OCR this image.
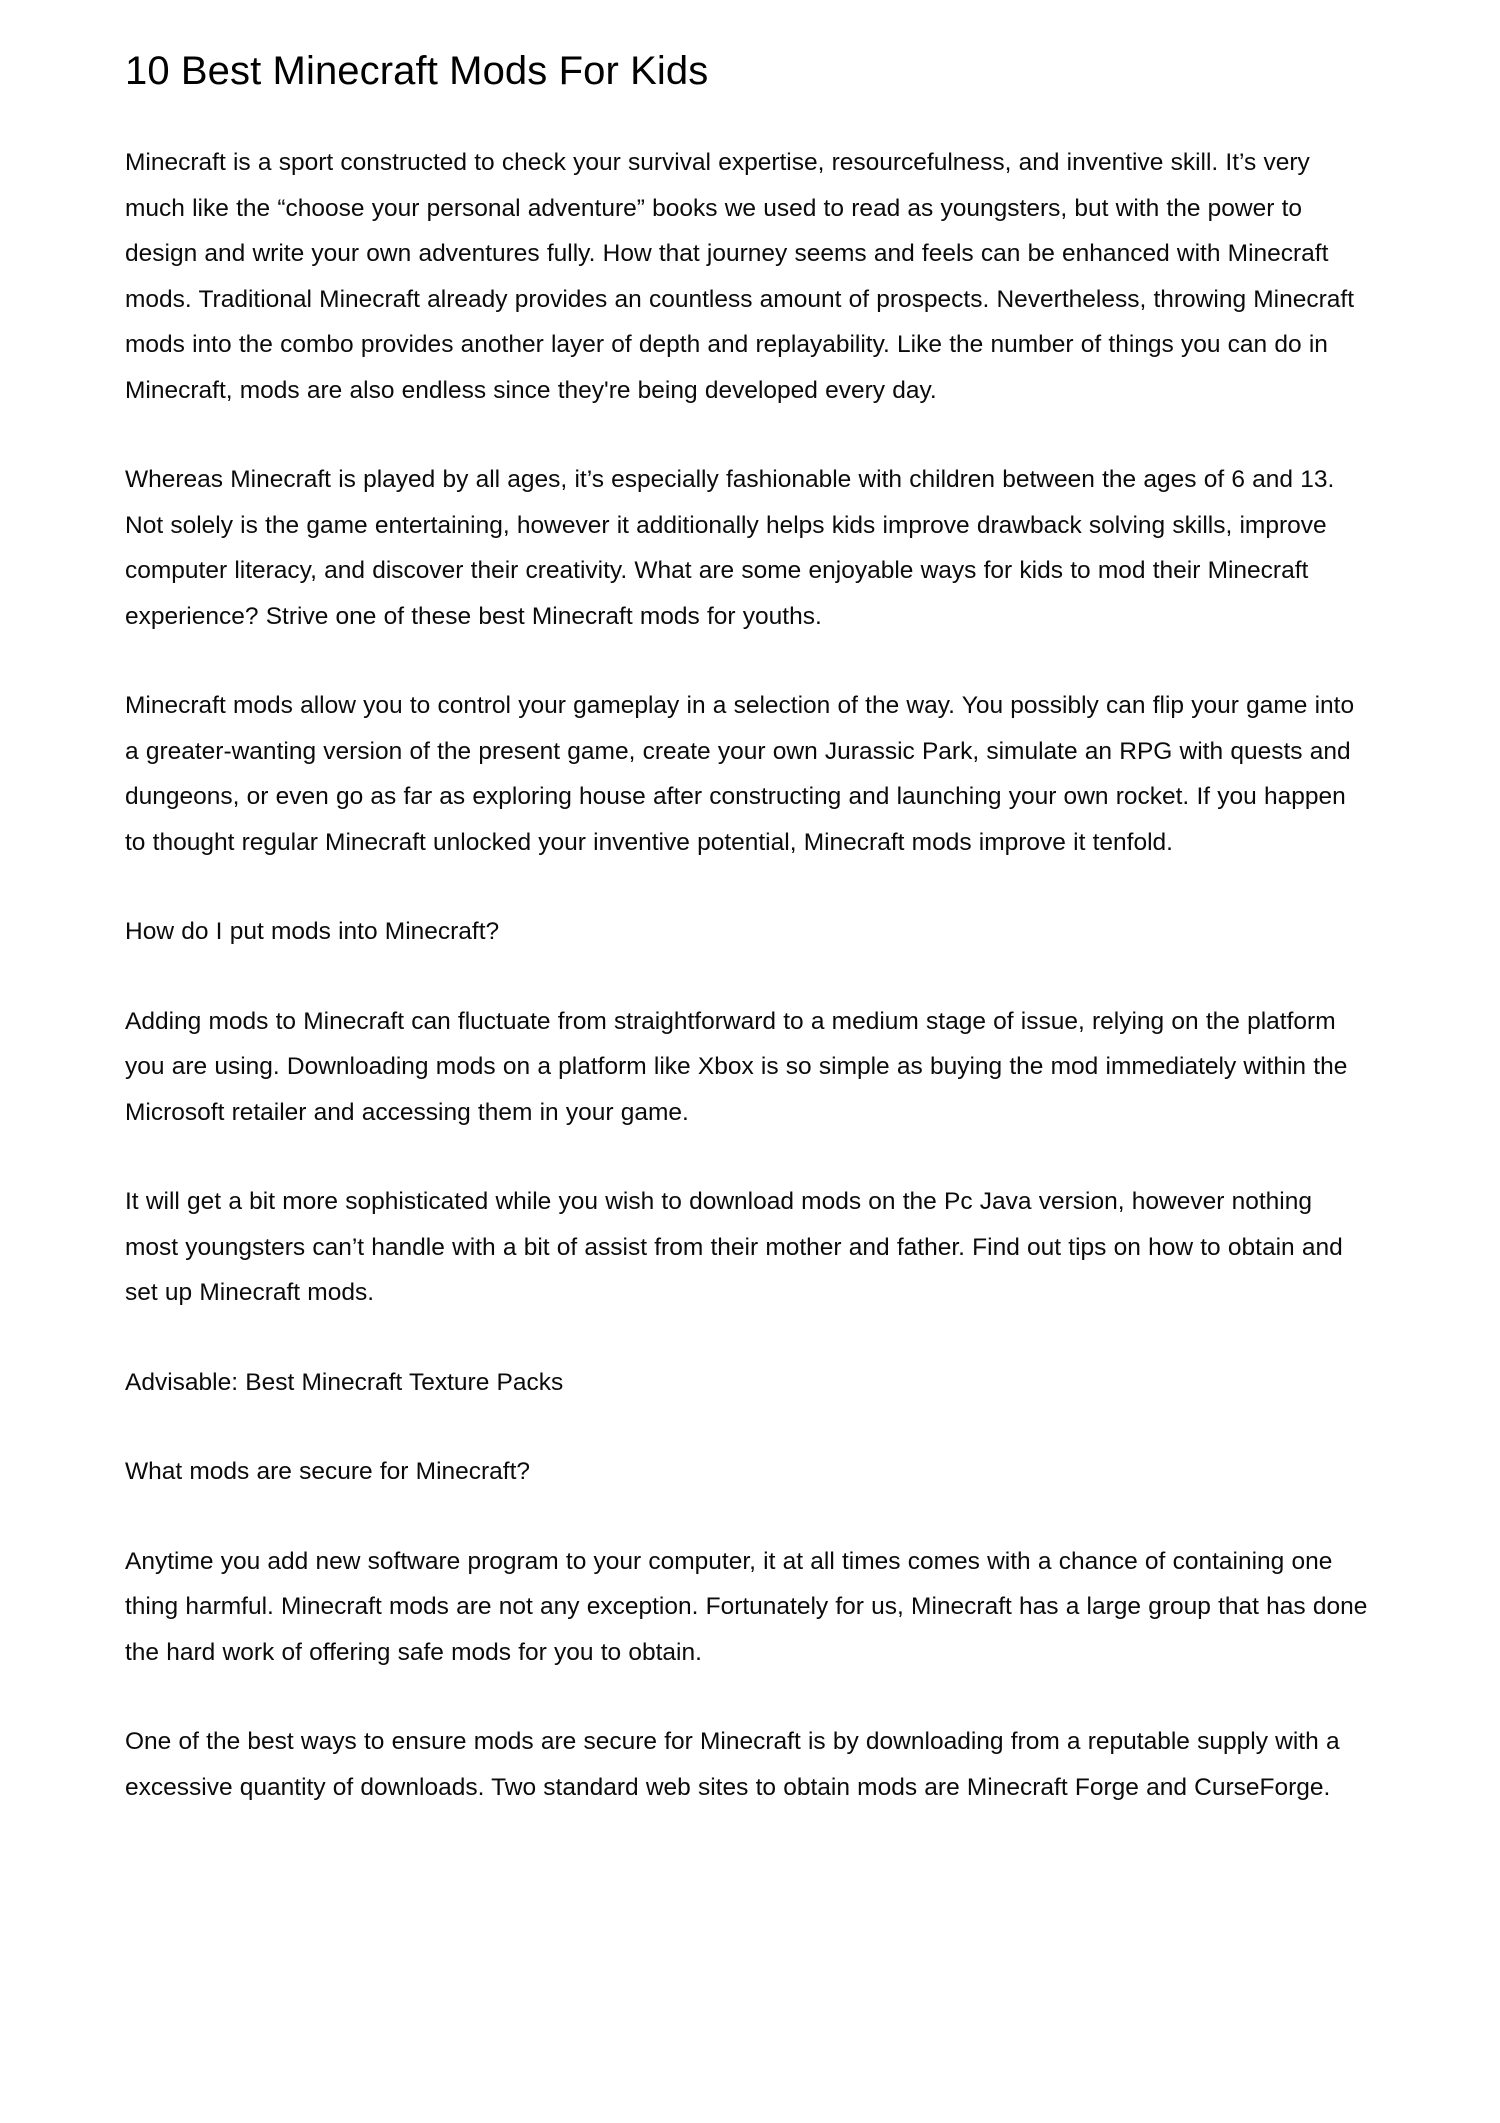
10 Best Minecraft Mods For Kids

Minecraft is a sport constructed to check your survival expertise, resourcefulness, and inventive skill. It’s very much like the “choose your personal adventure” books we used to read as youngsters, but with the power to design and write your own adventures fully. How that journey seems and feels can be enhanced with Minecraft mods. Traditional Minecraft already provides an countless amount of prospects. Nevertheless, throwing Minecraft mods into the combo provides another layer of depth and replayability. Like the number of things you can do in Minecraft, mods are also endless since they're being developed every day.

Whereas Minecraft is played by all ages, it’s especially fashionable with children between the ages of 6 and 13. Not solely is the game entertaining, however it additionally helps kids improve drawback solving skills, improve computer literacy, and discover their creativity. What are some enjoyable ways for kids to mod their Minecraft experience? Strive one of these best Minecraft mods for youths.

Minecraft mods allow you to control your gameplay in a selection of the way. You possibly can flip your game into a greater-wanting version of the present game, create your own Jurassic Park, simulate an RPG with quests and dungeons, or even go as far as exploring house after constructing and launching your own rocket. If you happen to thought regular Minecraft unlocked your inventive potential, Minecraft mods improve it tenfold.

How do I put mods into Minecraft?

Adding mods to Minecraft can fluctuate from straightforward to a medium stage of issue, relying on the platform you are using. Downloading mods on a platform like Xbox is so simple as buying the mod immediately within the Microsoft retailer and accessing them in your game.

It will get a bit more sophisticated while you wish to download mods on the Pc Java version, however nothing most youngsters can’t handle with a bit of assist from their mother and father. Find out tips on how to obtain and set up Minecraft mods.

Advisable: Best Minecraft Texture Packs

What mods are secure for Minecraft?

Anytime you add new software program to your computer, it at all times comes with a chance of containing one thing harmful. Minecraft mods are not any exception. Fortunately for us, Minecraft has a large group that has done the hard work of offering safe mods for you to obtain.

One of the best ways to ensure mods are secure for Minecraft is by downloading from a reputable supply with a excessive quantity of downloads. Two standard web sites to obtain mods are Minecraft Forge and CurseForge.
